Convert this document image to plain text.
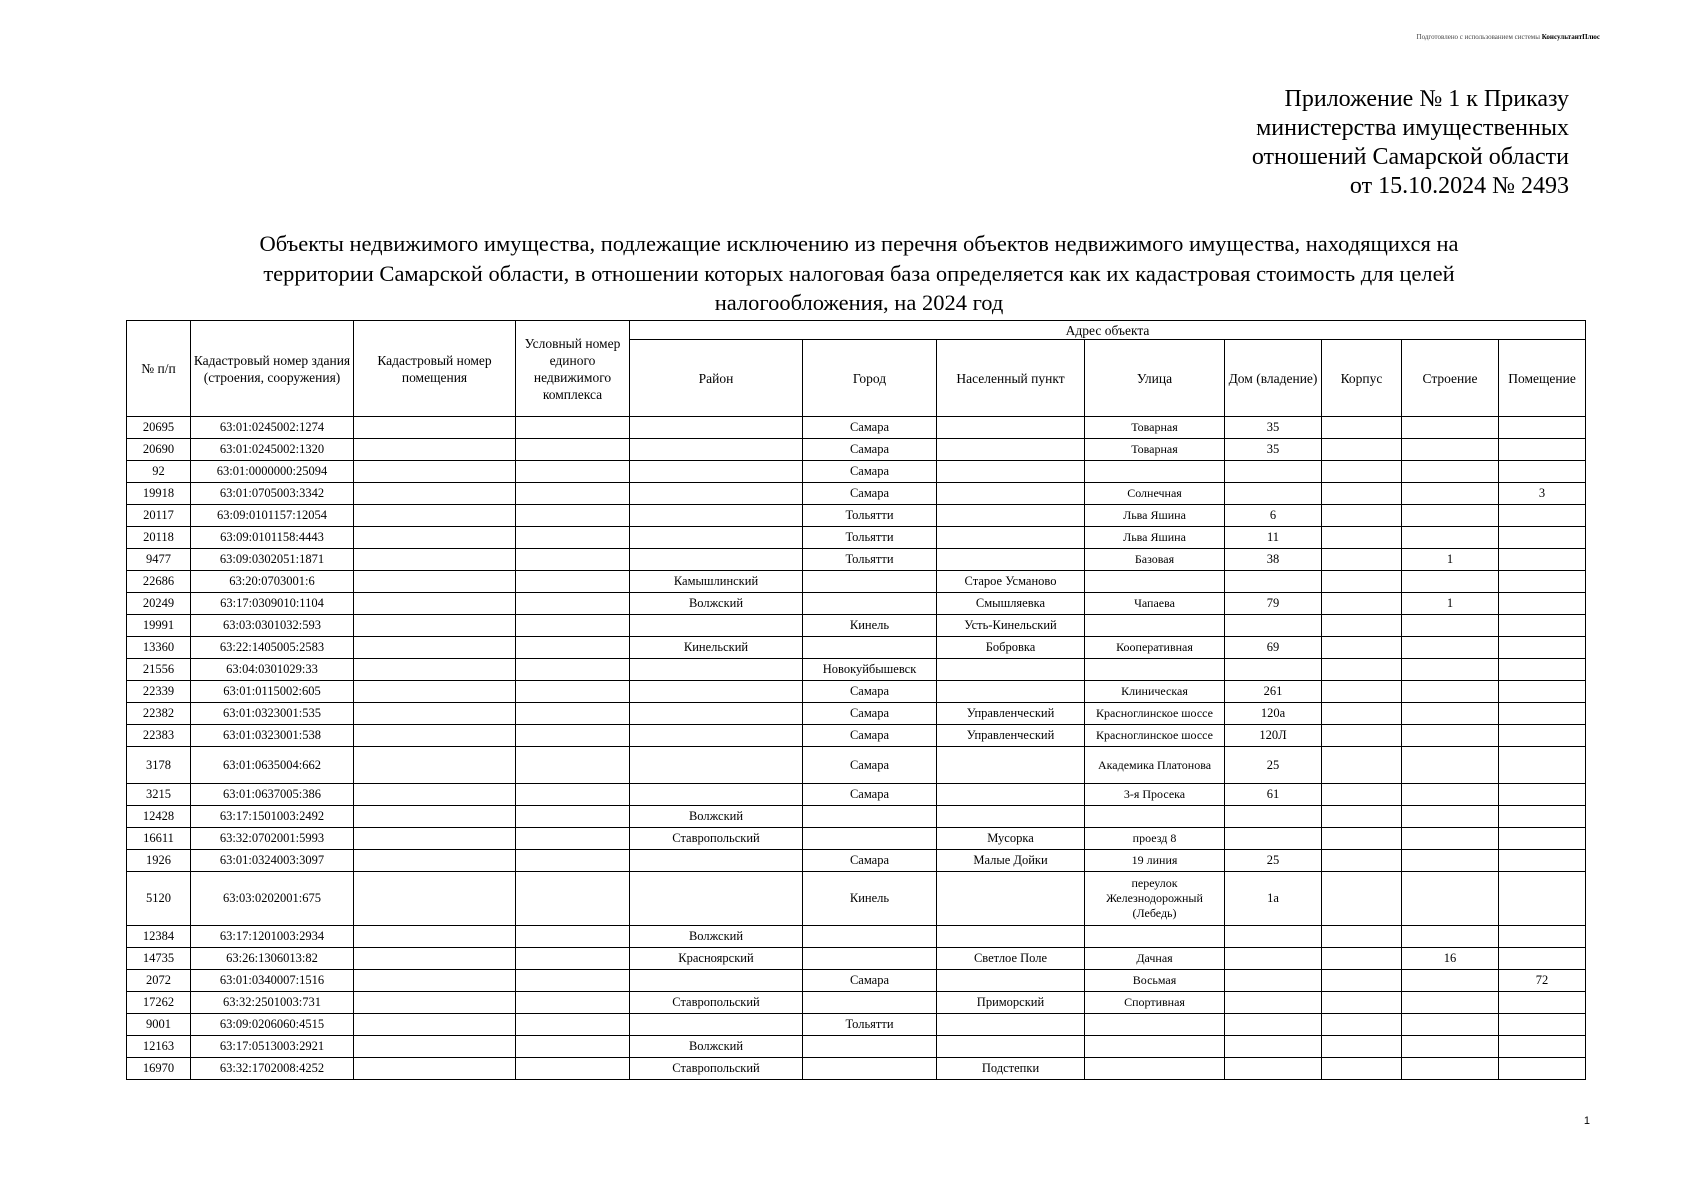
Подготовлено с использованием системы КонсультантПлюс
Приложение № 1 к Приказу
министерства имущественных
отношений Самарской области
от 15.10.2024 № 2493
Объекты недвижимого имущества, подлежащие исключению из перечня объектов недвижимого имущества, находящихся на
территории Самарской области, в отношении которых налоговая база определяется как их кадастровая стоимость для целей
налогообложения, на 2024 год
№ п/п	Кадастровый номер здания (строения, сооружения)	Кадастровый номер помещения	Условный номер единого недвижимого комплекса	Адрес объекта							
				Район	Город	Населенный пункт	Улица	Дом (владение)	Корпус	Строение	Помещение
20695	63:01:0245002:1274				Самара		Товарная	35			
20690	63:01:0245002:1320				Самара		Товарная	35			
92	63:01:0000000:25094				Самара						
19918	63:01:0705003:3342				Самара		Солнечная				3
20117	63:09:0101157:12054				Тольятти		Льва Яшина	6			
20118	63:09:0101158:4443				Тольятти		Льва Яшина	11			
9477	63:09:0302051:1871				Тольятти		Базовая	38		1	
22686	63:20:0703001:6			Камышлинский		Старое Усманово					
20249	63:17:0309010:1104			Волжский		Смышляевка	Чапаева	79		1	
19991	63:03:0301032:593				Кинель	Усть-Кинельский					
13360	63:22:1405005:2583			Кинельский		Бобровка	Кооперативная	69			
21556	63:04:0301029:33				Новокуйбышевск						
22339	63:01:0115002:605				Самара		Клиническая	261			
22382	63:01:0323001:535				Самара	Управленческий	Красноглинское шоссе	120а			
22383	63:01:0323001:538				Самара	Управленческий	Красноглинское шоссе	120Л			
3178	63:01:0635004:662				Самара		Академика Платонова	25			
3215	63:01:0637005:386				Самара		3-я Просека	61			
12428	63:17:1501003:2492			Волжский							
16611	63:32:0702001:5993			Ставропольский		Мусорка	проезд 8				
1926	63:01:0324003:3097				Самара	Малые Дойки	19 линия	25			
5120	63:03:0202001:675				Кинель		переулок Железнодорожный (Лебедь)	1а			
12384	63:17:1201003:2934			Волжский							
14735	63:26:1306013:82			Красноярский		Светлое Поле	Дачная			16	
2072	63:01:0340007:1516				Самара		Восьмая				72
17262	63:32:2501003:731			Ставропольский		Приморский	Спортивная				
9001	63:09:0206060:4515				Тольятти						
12163	63:17:0513003:2921			Волжский							
16970	63:32:1702008:4252			Ставропольский		Подстепки					
1
